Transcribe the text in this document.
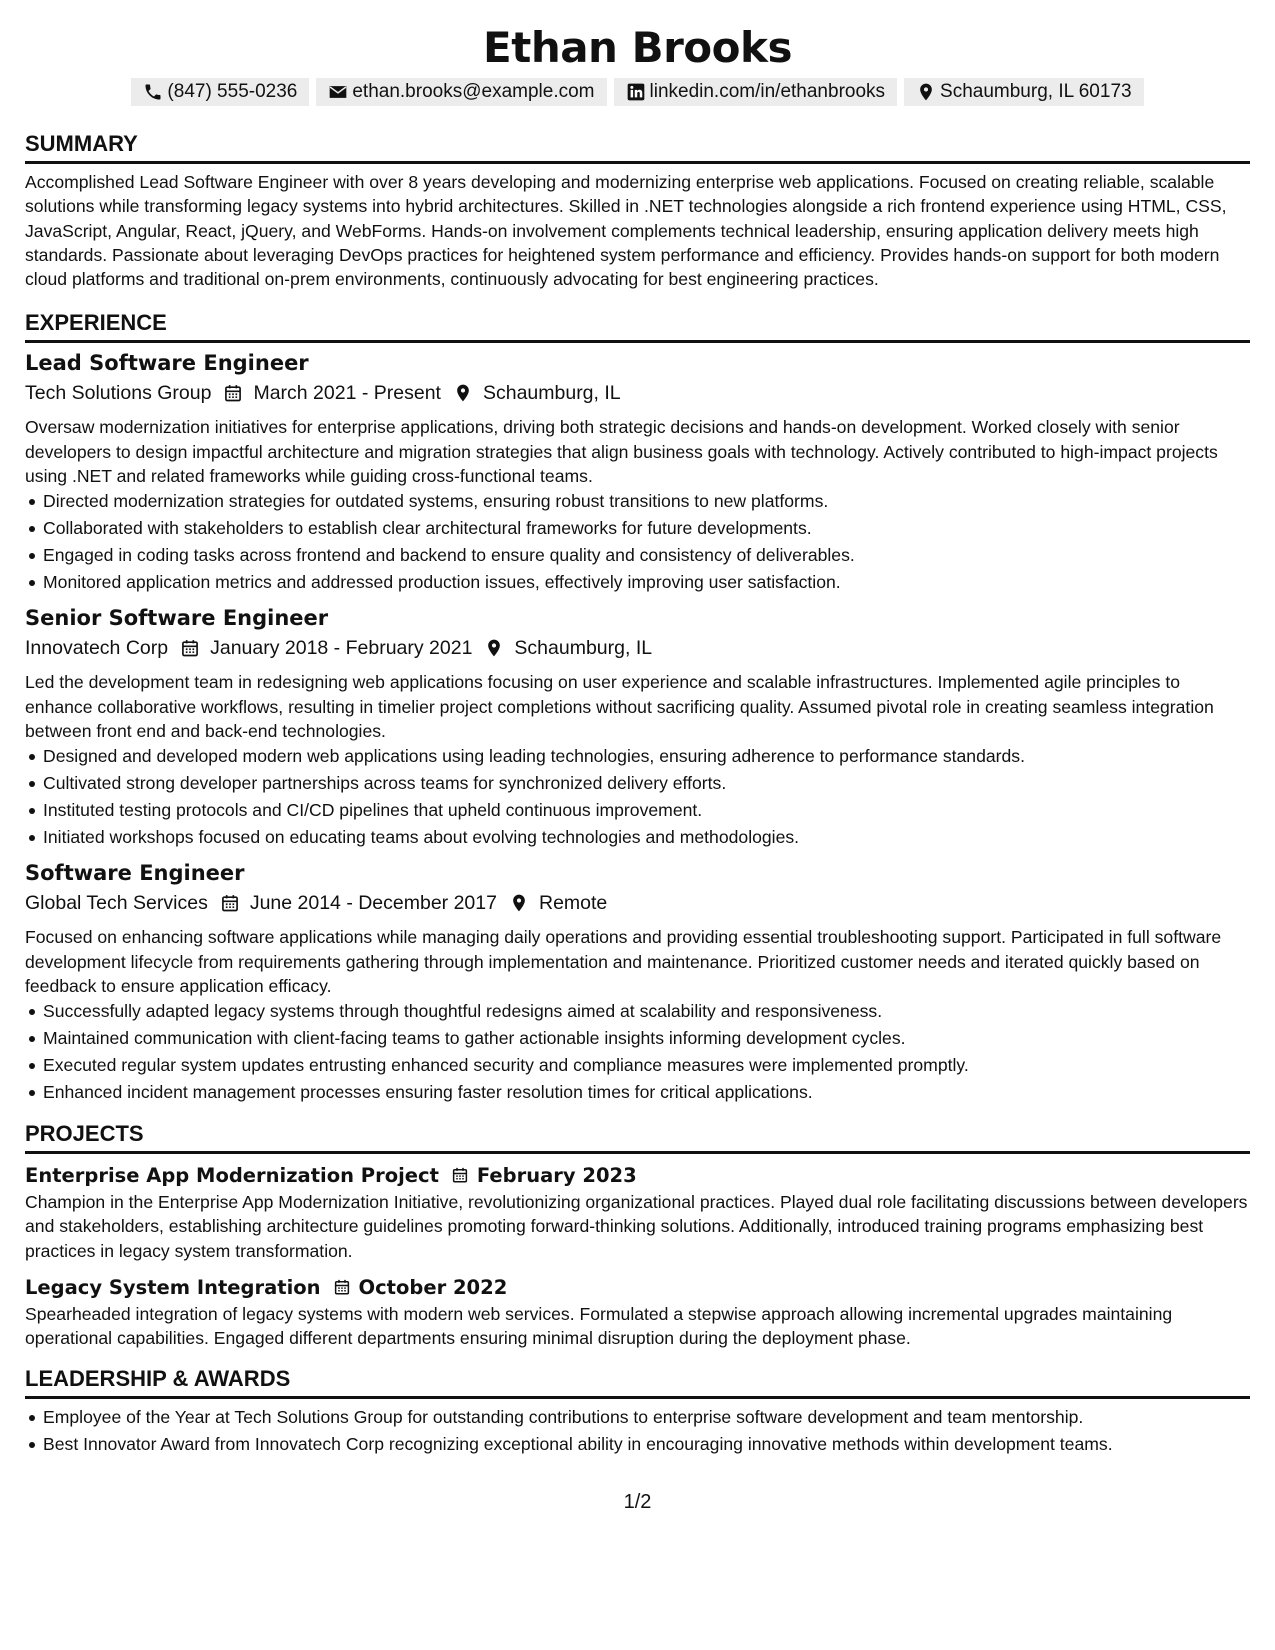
Ethan Brooks
(847) 555-0236	ethan.brooks@example.com	linkedin.com/in/ethanbrooks	Schaumburg, IL 60173
SUMMARY

Accomplished Lead Software Engineer with over 8 years developing and modernizing enterprise web applications. Focused on creating reliable, scalable solutions while transforming legacy systems into hybrid architectures. Skilled in .NET technologies alongside a rich frontend experience using HTML, CSS, JavaScript, Angular, React, jQuery, and WebForms. Hands-on involvement complements technical leadership, ensuring application delivery meets high standards. Passionate about leveraging DevOps practices for heightened system performance and efficiency. Provides hands-on support for both modern cloud platforms and traditional on-prem environments, continuously advocating for best engineering practices.

EXPERIENCE
Lead Software Engineer
Tech Solutions Group March 2021 - Present Schaumburg, IL

Oversaw modernization initiatives for enterprise applications, driving both strategic decisions and hands-on development. Worked closely with senior developers to design impactful architecture and migration strategies that align business goals with technology. Actively contributed to high-impact projects using .NET and related frameworks while guiding cross-functional teams.

Directed modernization strategies for outdated systems, ensuring robust transitions to new platforms.
Collaborated with stakeholders to establish clear architectural frameworks for future developments.
Engaged in coding tasks across frontend and backend to ensure quality and consistency of deliverables.
Monitored application metrics and addressed production issues, effectively improving user satisfaction.
Senior Software Engineer
Innovatech Corp January 2018 - February 2021 Schaumburg, IL

Led the development team in redesigning web applications focusing on user experience and scalable infrastructures. Implemented agile principles to enhance collaborative workflows, resulting in timelier project completions without sacrificing quality. Assumed pivotal role in creating seamless integration between front end and back-end technologies.

Designed and developed modern web applications using leading technologies, ensuring adherence to performance standards.
Cultivated strong developer partnerships across teams for synchronized delivery efforts.
Instituted testing protocols and CI/CD pipelines that upheld continuous improvement.
Initiated workshops focused on educating teams about evolving technologies and methodologies.
Software Engineer
Global Tech Services June 2014 - December 2017 Remote

Focused on enhancing software applications while managing daily operations and providing essential troubleshooting support. Participated in full software development lifecycle from requirements gathering through implementation and maintenance. Prioritized customer needs and iterated quickly based on feedback to ensure application efficacy.

Successfully adapted legacy systems through thoughtful redesigns aimed at scalability and responsiveness.
Maintained communication with client-facing teams to gather actionable insights informing development cycles.
Executed regular system updates entrusting enhanced security and compliance measures were implemented promptly.
Enhanced incident management processes ensuring faster resolution times for critical applications.
PROJECTS
Enterprise App Modernization Project February 2023

Champion in the Enterprise App Modernization Initiative, revolutionizing organizational practices. Played dual role facilitating discussions between developers and stakeholders, establishing architecture guidelines promoting forward-thinking solutions. Additionally, introduced training programs emphasizing best practices in legacy system transformation.

Legacy System Integration October 2022

Spearheaded integration of legacy systems with modern web services. Formulated a stepwise approach allowing incremental upgrades maintaining operational capabilities. Engaged different departments ensuring minimal disruption during the deployment phase.

LEADERSHIP & AWARDS
Employee of the Year at Tech Solutions Group for outstanding contributions to enterprise software development and team mentorship.
Best Innovator Award from Innovatech Corp recognizing exceptional ability in encouraging innovative methods within development teams.
1/2
